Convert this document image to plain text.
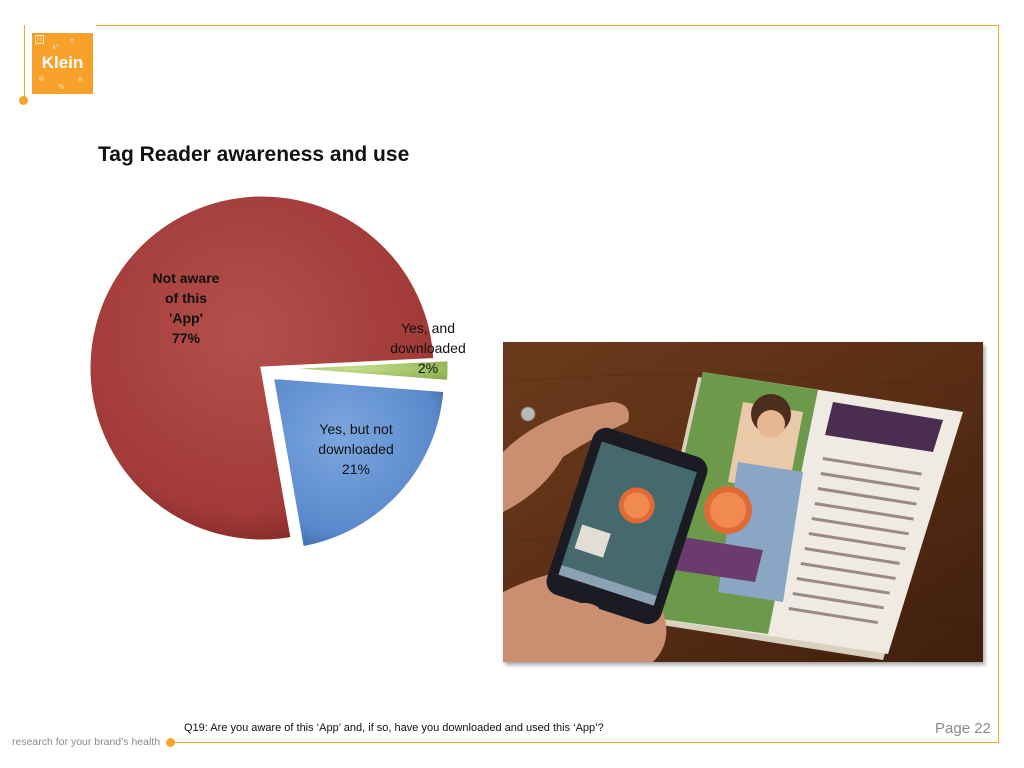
ℍ
x²
π
·
®	R
%
Klein
Tag Reader awareness and use
Not aware
of this
'App'
77%
Yes, and
downloaded
2%
Yes, but not
downloaded
21%
Q19: Are you aware of this ‘App’ and, if so, have you downloaded and used this ‘App’?	Page 22
research for your brand’s health
